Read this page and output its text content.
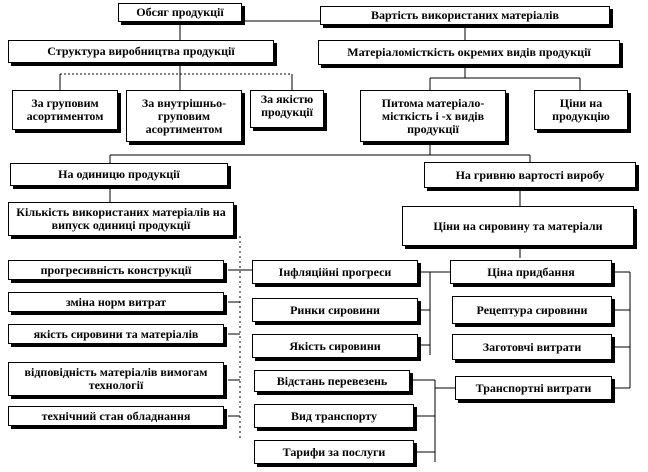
Обсяг продукції	Вартість використаних матеріалів
Структура виробництва продукції	Матеріаломісткість окремих видів продукції
За груповим асортиментом
За внутрішньо-груповим асортиментом
За якістю продукції
Питома матеріало-місткість і -х видів продукції
Ціни на продукцію
На одиницю продукції	На гривню вартості виробу
Кількість використаних матеріалів на випуск одиниці продукції	Ціни на сировину та матеріали
прогресивність конструкції
зміна норм витрат
якість сировини та матеріалів
відповідність матеріалів вимогам технології
технічний стан обладнання
Інфляційні прогреси
Ринки сировини
Якість сировини
Відстань перевезень
Вид транспорту
Тарифи за послуги
Ціна придбання
Рецептура сировини
Заготовчі витрати
Транспортні витрати
